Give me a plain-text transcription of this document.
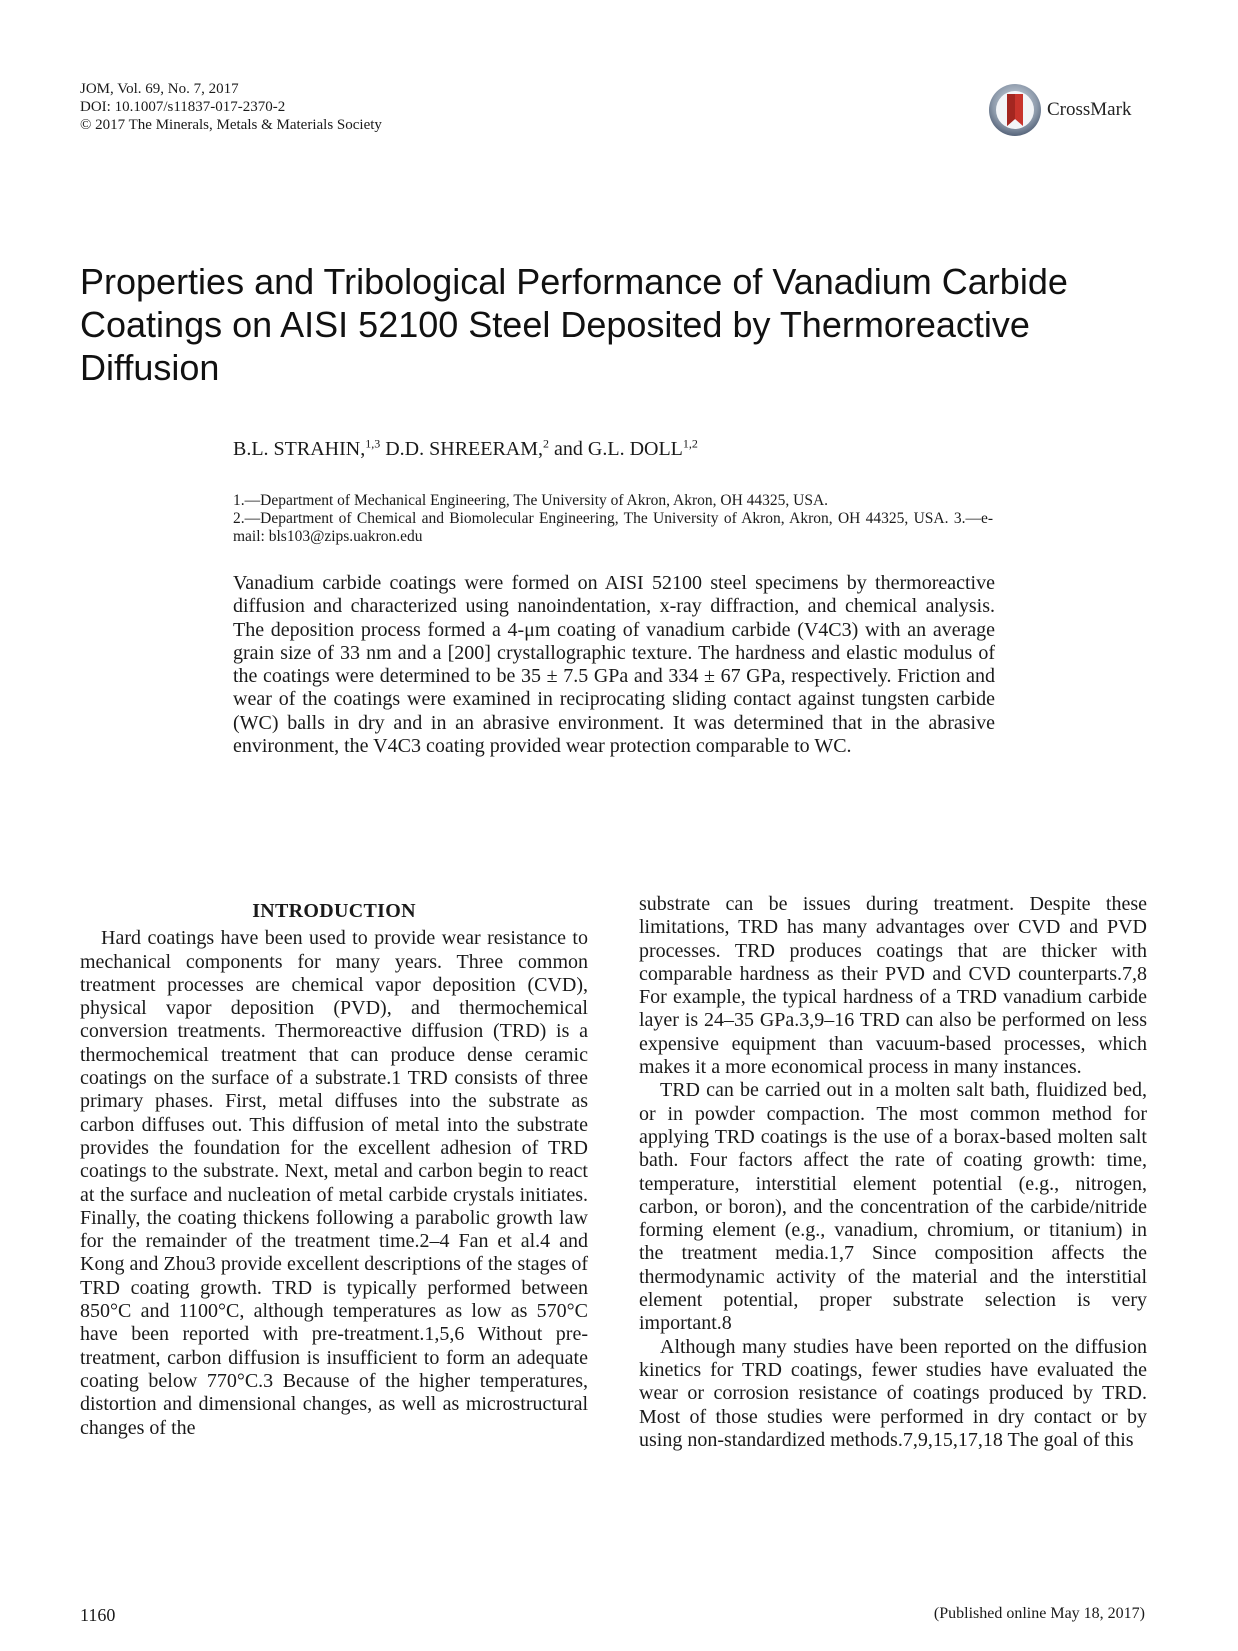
JOM, Vol. 69, No. 7, 2017
DOI: 10.1007/s11837-017-2370-2
© 2017 The Minerals, Metals & Materials Society
CrossMark
Properties and Tribological Performance of Vanadium Carbide Coatings on AISI 52100 Steel Deposited by Thermoreactive Diffusion
B.L. STRAHIN,$^{1,3}$ D.D. SHREERAM,$^2$ and G.L. DOLL$^{1,2}$
1.—Department of Mechanical Engineering, The University of Akron, Akron, OH 44325, USA.
2.—Department of Chemical and Biomolecular Engineering, The University of Akron, Akron, OH 44325, USA. 3.—e-mail: bls103@zips.uakron.edu
Vanadium carbide coatings were formed on AISI 52100 steel specimens by thermoreactive diffusion and characterized using nanoindentation, x-ray diffraction, and chemical analysis. The deposition process formed a 4-μm coating of vanadium carbide (V4C3) with an average grain size of 33 nm and a [200] crystallographic texture. The hardness and elastic modulus of the coatings were determined to be 35 ± 7.5 GPa and 334 ± 67 GPa, respectively. Friction and wear of the coatings were examined in reciprocating sliding contact against tungsten carbide (WC) balls in dry and in an abrasive environment. It was determined that in the abrasive environment, the V4C3 coating provided wear protection comparable to WC.
INTRODUCTION

Hard coatings have been used to provide wear resistance to mechanical components for many years. Three common treatment processes are chemical vapor deposition (CVD), physical vapor deposition (PVD), and thermochemical conversion treatments. Thermoreactive diffusion (TRD) is a thermochemical treatment that can produce dense ceramic coatings on the surface of a substrate.1 TRD consists of three primary phases. First, metal diffuses into the substrate as carbon diffuses out. This diffusion of metal into the substrate provides the foundation for the excellent adhesion of TRD coatings to the substrate. Next, metal and carbon begin to react at the surface and nucleation of metal carbide crystals initiates. Finally, the coating thickens following a parabolic growth law for the remainder of the treatment time.2–4 Fan et al.4 and Kong and Zhou3 provide excellent descriptions of the stages of TRD coating growth. TRD is typically performed between 850°C and 1100°C, although temperatures as low as 570°C have been reported with pre-treatment.1,5,6 Without pre-treatment, carbon diffusion is insufficient to form an adequate coating below 770°C.3 Because of the higher temperatures, distortion and dimensional changes, as well as microstructural changes of the

substrate can be issues during treatment. Despite these limitations, TRD has many advantages over CVD and PVD processes. TRD produces coatings that are thicker with comparable hardness as their PVD and CVD counterparts.7,8 For example, the typical hardness of a TRD vanadium carbide layer is 24–35 GPa.3,9–16 TRD can also be performed on less expensive equipment than vacuum-based processes, which makes it a more economical process in many instances.

TRD can be carried out in a molten salt bath, fluidized bed, or in powder compaction. The most common method for applying TRD coatings is the use of a borax-based molten salt bath. Four factors affect the rate of coating growth: time, temperature, interstitial element potential (e.g., nitrogen, carbon, or boron), and the concentration of the carbide/nitride forming element (e.g., vanadium, chromium, or titanium) in the treatment media.1,7 Since composition affects the thermodynamic activity of the material and the interstitial element potential, proper substrate selection is very important.8

Although many studies have been reported on the diffusion kinetics for TRD coatings, fewer studies have evaluated the wear or corrosion resistance of coatings produced by TRD. Most of those studies were performed in dry contact or by using non-standardized methods.7,9,15,17,18 The goal of this

1160	(Published online May 18, 2017)
